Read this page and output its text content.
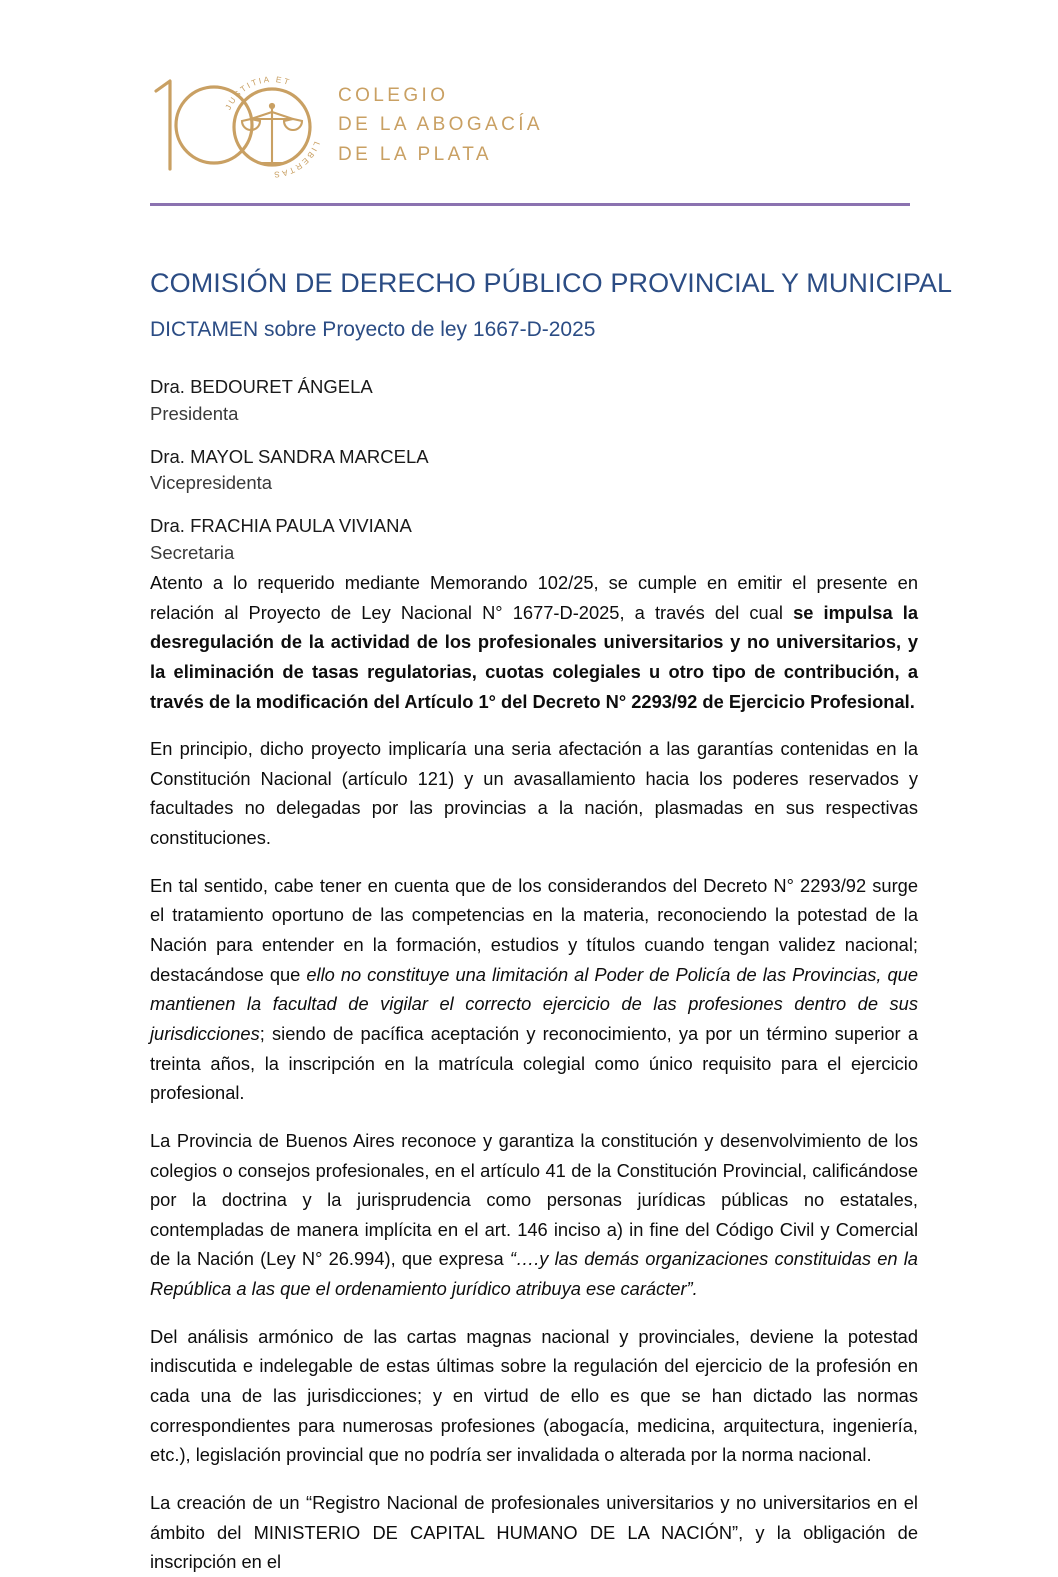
JUSTITIA ET
LIBERTAS
COLEGIO
DE LA ABOGACÍA
DE LA PLATA
COMISIÓN DE DERECHO PÚBLICO PROVINCIAL Y MUNICIPAL
DICTAMEN sobre Proyecto de ley 1667-D-2025
Dra. BEDOURET ÁNGELA
Presidenta
Dra. MAYOL SANDRA MARCELA
Vicepresidenta
Dra. FRACHIA PAULA VIVIANA
Secretaria

Atento a lo requerido mediante Memorando 102/25, se cumple en emitir el presente en relación al Proyecto de Ley Nacional N° 1677-D-2025, a través del cual se impulsa la desregulación de la actividad de los profesionales universitarios y no universitarios, y la eliminación de tasas regulatorias, cuotas colegiales u otro tipo de contribución, a través de la modificación del Artículo 1° del Decreto N° 2293/92 de Ejercicio Profesional.

En principio, dicho proyecto implicaría una seria afectación a las garantías contenidas en la Constitución Nacional (artículo 121) y un avasallamiento hacia los poderes reservados y facultades no delegadas por las provincias a la nación, plasmadas en sus respectivas constituciones.

En tal sentido, cabe tener en cuenta que de los considerandos del Decreto N° 2293/92 surge el tratamiento oportuno de las competencias en la materia, reconociendo la potestad de la Nación para entender en la formación, estudios y títulos cuando tengan validez nacional; destacándose que ello no constituye una limitación al Poder de Policía de las Provincias, que mantienen la facultad de vigilar el correcto ejercicio de las profesiones dentro de sus jurisdicciones; siendo de pacífica aceptación y reconocimiento, ya por un término superior a treinta años, la inscripción en la matrícula colegial como único requisito para el ejercicio profesional.

La Provincia de Buenos Aires reconoce y garantiza la constitución y desenvolvimiento de los colegios o consejos profesionales, en el artículo 41 de la Constitución Provincial, calificándose por la doctrina y la jurisprudencia como personas jurídicas públicas no estatales, contempladas de manera implícita en el art. 146 inciso a) in fine del Código Civil y Comercial de la Nación (Ley N° 26.994), que expresa “….y las demás organizaciones constituidas en la República a las que el ordenamiento jurídico atribuya ese carácter”.

Del análisis armónico de las cartas magnas nacional y provinciales, deviene la potestad indiscutida e indelegable de estas últimas sobre la regulación del ejercicio de la profesión en cada una de las jurisdicciones; y en virtud de ello es que se han dictado las normas correspondientes para numerosas profesiones (abogacía, medicina, arquitectura, ingeniería, etc.), legislación provincial que no podría ser invalidada o alterada por la norma nacional.

La creación de un “Registro Nacional de profesionales universitarios y no universitarios en el ámbito del MINISTERIO DE CAPITAL HUMANO DE LA NACIÓN”, y la obligación de inscripción en el
